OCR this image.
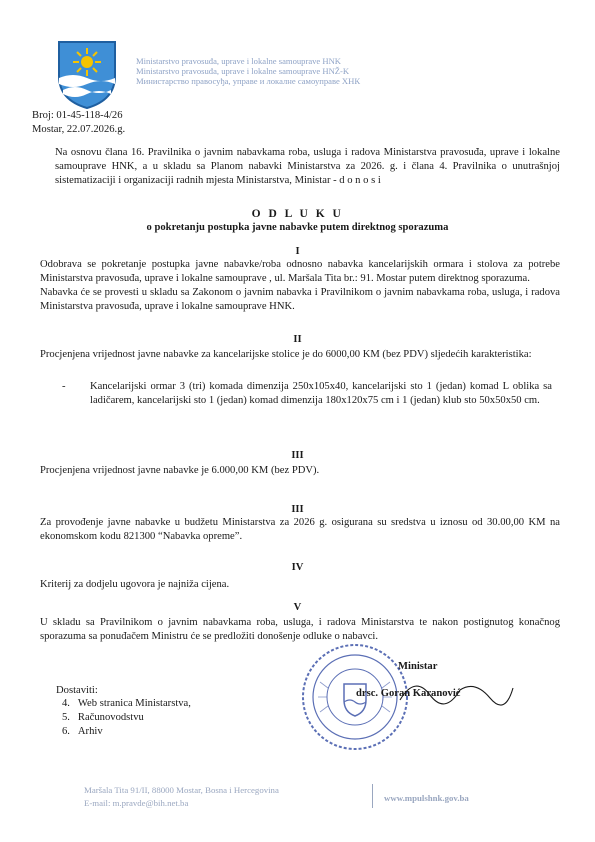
Ministarstvo pravosuđa, uprave i lokalne samouprave HNK
Ministarstvo pravosuđa, uprave i lokalne samouprave HNŽ-K
Министарство правосуђа, управе и локалне самоуправе ХНК
Broj: 01-45-118-4/26
Mostar, 22.07.2026.g.
Na osnovu člana 16. Pravilnika o javnim nabavkama roba, usluga i radova Ministarstva pravosuđa, uprave i lokalne samouprave HNK, a u skladu sa Planom nabavki Ministarstva za 2026. g. i člana 4. Pravilnika o unutrašnjoj sistematizaciji i organizaciji radnih mjesta Ministarstva, Ministar - d o n o s i
O D L U K U
o pokretanju postupka javne nabavke putem direktnog sporazuma
I
Odobrava se pokretanje postupka javne nabavke/roba odnosno nabavka kancelarijskih ormara i stolova za potrebe Ministarstva pravosuđa, uprave i lokalne samouprave , ul. Maršala Tita br.: 91. Mostar putem direktnog sporazuma.
Nabavka će se provesti u skladu sa Zakonom o javnim nabavka i Pravilnikom o javnim nabavkama roba, usluga, i radova Ministarstva pravosuđa, uprave i lokalne samouprave HNK.
II
Procjenjena vrijednost javne nabavke za kancelarijske stolice je do 6000,00 KM (bez PDV) sljedećih karakteristika:
- Kancelarijski ormar 3 (tri) komada dimenzija 250x105x40, kancelarijski sto 1 (jedan) komad L oblika sa ladičarem, kancelarijski sto 1 (jedan) komad dimenzija 180x120x75 cm i 1 (jedan) klub sto 50x50x50 cm.
III
Procjenjena vrijednost javne nabavke je 6.000,00 KM (bez PDV).
III
Za provođenje javne nabavke u budžetu Ministarstva za 2026 g. osigurana su sredstva u iznosu od 30.00,00 KM na ekonomskom kodu 821300 “Nabavka opreme”.
IV
Kriterij za dodjelu ugovora je najniža cijena.
V
U skladu sa Pravilnikom o javnim nabavkama roba, usluga, i radova Ministarstva te nakon postignutog konačnog sporazuma sa ponuđačem Ministru će se predložiti donošenje odluke o nabavci.
Ministar
drsc. Goran Karanović
Dostaviti:
4. Web stranica Ministarstva,
5. Računovodstvu
6. Arhiv
Maršala Tita 91/II, 88000 Mostar, Bosna i Hercegovina
E-mail: m.pravde@bih.net.ba	www.mpulshnk.gov.ba
